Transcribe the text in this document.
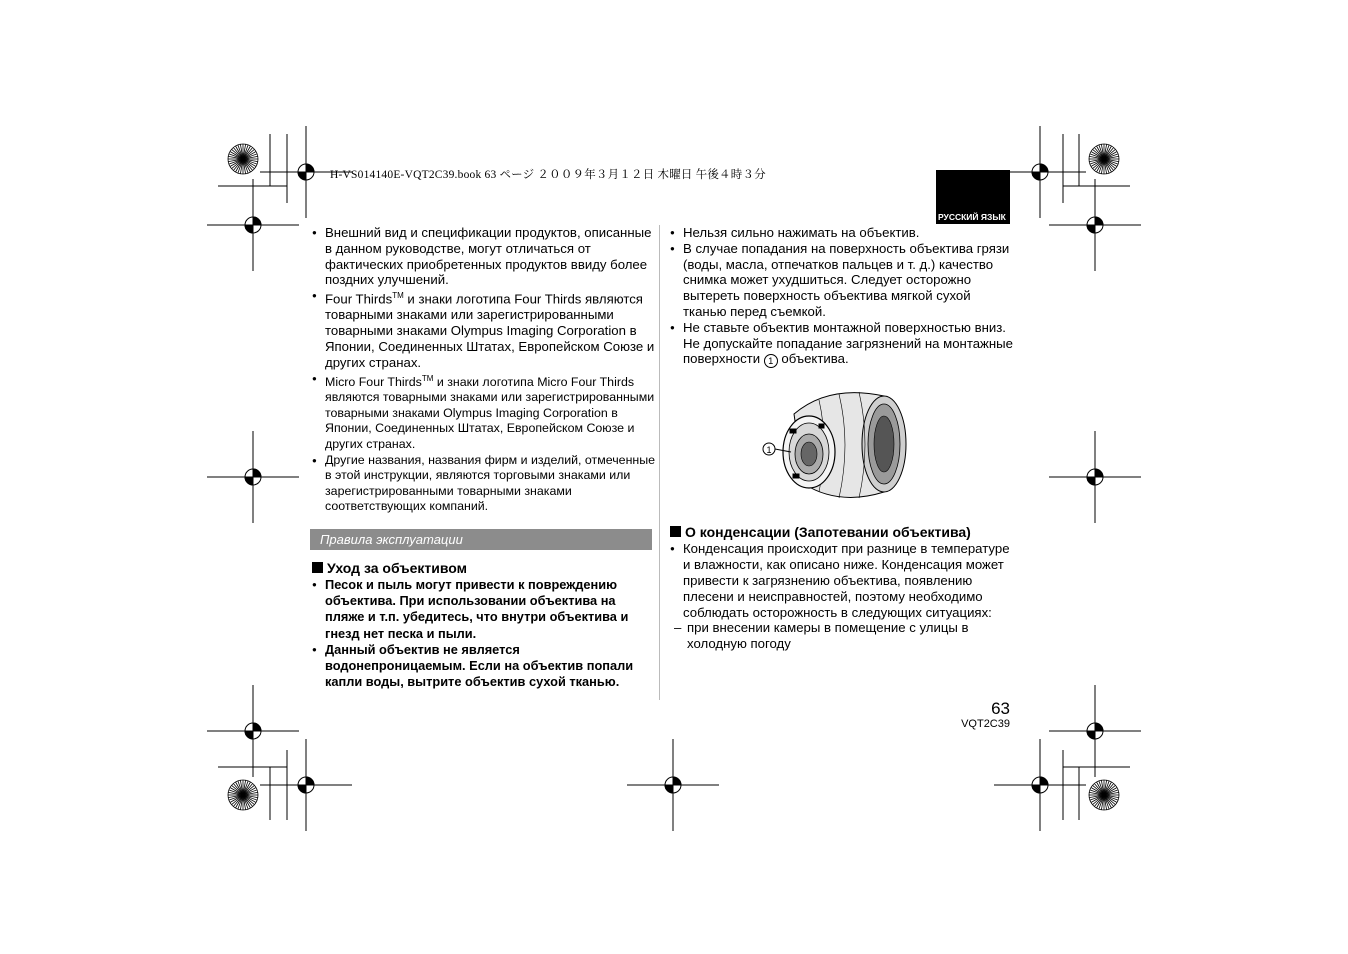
H-VS014140E-VQT2C39.book 63 ページ ２００９年３月１２日 木曜日 午後４時３分
РУССКИЙ ЯЗЫК
● Внешний вид и спецификации продуктов, описанные в данном руководстве, могут отличаться от фактических приобретенных продуктов ввиду более поздних улучшений.
● Four Thirds™ и знаки логотипа Four Thirds являются товарными знаками или зарегистрированными товарными знаками Olympus Imaging Corporation в Японии, Соединенных Штатах, Европейском Союзе и других странах.
● Micro Four Thirds™ и знаки логотипа Micro Four Thirds являются товарными знаками или зарегистрированными товарными знаками Olympus Imaging Corporation в Японии, Соединенных Штатах, Европейском Союзе и других странах.
● Другие названия, названия фирм и изделий, отмеченные в этой инструкции, являются торговыми знаками или зарегистрированными товарными знаками соответствующих компаний.
Правила эксплуатации
Уход за объективом
● Песок и пыль могут привести к повреждению объектива. При использовании объектива на пляже и т.п. убедитесь, что внутри объектива и гнезд нет песка и пыли.
● Данный объектив не является водонепроницаемым. Если на объектив попали капли воды, вытрите объектив сухой тканью.
● Нельзя сильно нажимать на объектив.
● В случае попадания на поверхность объектива грязи (воды, масла, отпечатков пальцев и т. д.) качество снимка может ухудшиться. Следует осторожно вытереть поверхность объектива мягкой сухой тканью перед съемкой.
● Не ставьте объектив монтажной поверхностью вниз. Не допускайте попадание загрязнений на монтажные поверхности 1 объектива.
1
О конденсации (Запотевании объектива)
● Конденсация происходит при разнице в температуре и влажности, как описано ниже. Конденсация может привести к загрязнению объектива, появлению плесени и неисправностей, поэтому необходимо соблюдать осторожность в следующих ситуациях:
– при внесении камеры в помещение с улицы в холодную погоду
63
VQT2C39
